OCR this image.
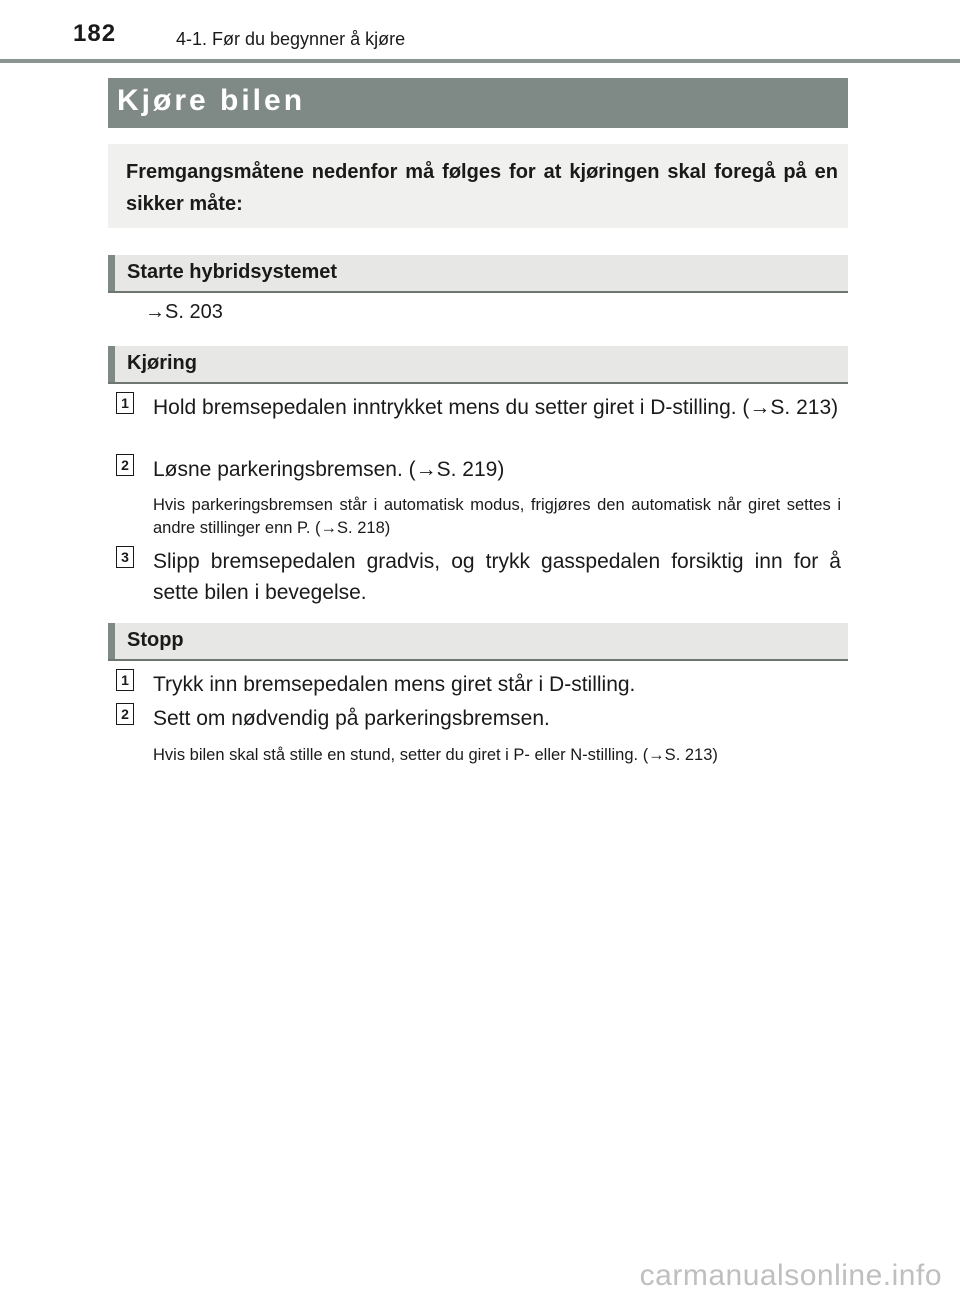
182	4-1. Før du begynner å kjøre
Kjøre bilen

Fremgangsmåtene nedenfor må følges for at kjøringen skal foregå på en sikker måte:

Starte hybridsystemet
→S. 203
Kjøring
1 Hold bremsepedalen inntrykket mens du setter giret i D-stilling. (→S. 213)
2 Løsne parkeringsbremsen. (→S. 219)
Hvis parkeringsbremsen står i automatisk modus, frigjøres den automatisk når giret settes i andre stillinger enn P. (→S. 218)
3 Slipp bremsepedalen gradvis, og trykk gasspedalen forsiktig inn for å sette bilen i bevegelse.
Stopp
1 Trykk inn bremsepedalen mens giret står i D-stilling.
2 Sett om nødvendig på parkeringsbremsen.
Hvis bilen skal stå stille en stund, setter du giret i P- eller N-stilling. (→S. 213)
carmanualsonline.info
